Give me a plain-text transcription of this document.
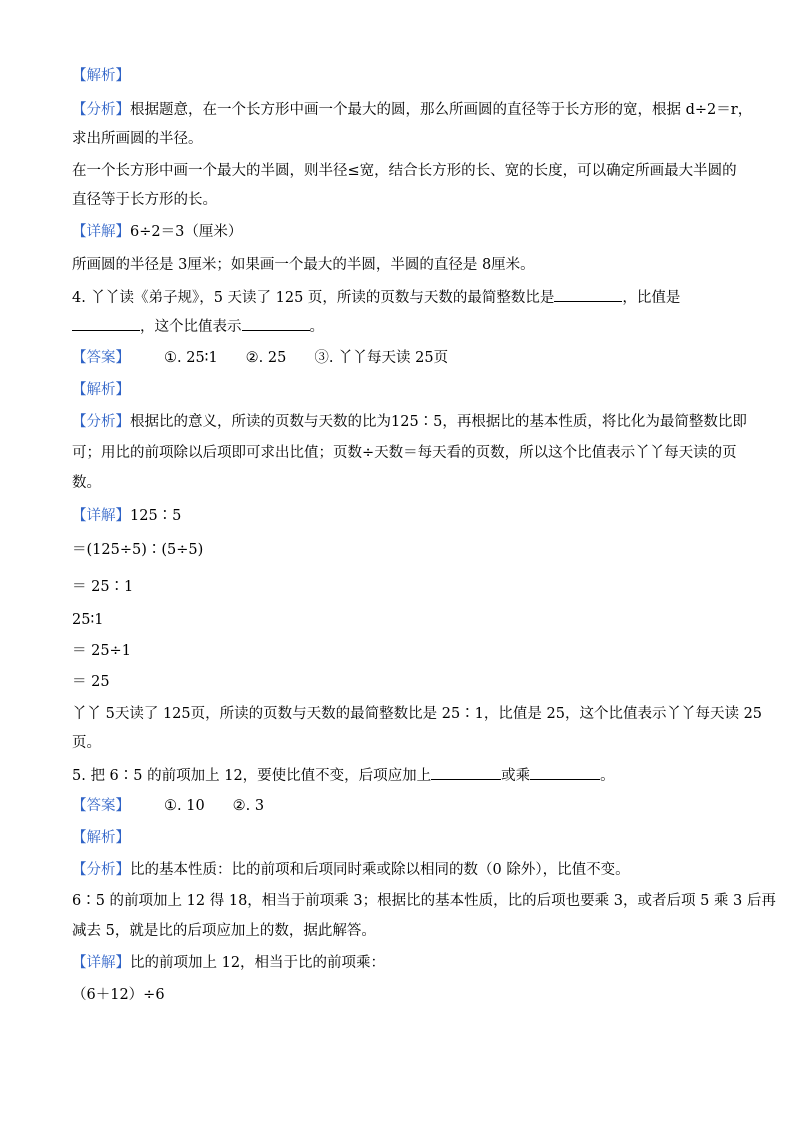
【解析】
【分析】根据题意，在一个长方形中画一个最大的圆，那么所画圆的直径等于长方形的宽，根据 d÷2＝r，
求出所画圆的半径。
在一个长方形中画一个最大的半圆，则半径≤宽，结合长方形的长、宽的长度，可以确定所画最大半圆的
直径等于长方形的长。
【详解】6÷2＝3（厘米）
所画圆的半径是 3厘米；如果画一个最大的半圆，半圆的直径是 8厘米。
4. 丫丫读《弟子规》，5 天读了 125 页，所读的页数与天数的最简整数比是	，比值是
，这个比值表示	。
【答案】 ①. 25∶1 ②. 25 ③. 丫丫每天读 25页
【解析】
【分析】根据比的意义，所读的页数与天数的比为125∶5，再根据比的基本性质，将比化为最简整数比即
可；用比的前项除以后项即可求出比值；页数÷天数＝每天看的页数，所以这个比值表示丫丫每天读的页
数。
【详解】125∶5
＝(125÷5)∶(5÷5)
＝ 25∶1
25∶1
＝ 25÷1
＝ 25
丫丫 5天读了 125页，所读的页数与天数的最简整数比是 25∶1，比值是 25，这个比值表示丫丫每天读 25
页。
5. 把 6∶5 的前项加上 12，要使比值不变，后项应加上	或乘	。
【答案】 ①. 10 ②. 3
【解析】
【分析】比的基本性质：比的前项和后项同时乘或除以相同的数（0 除外），比值不变。
6∶5 的前项加上 12 得 18，相当于前项乘 3；根据比的基本性质，比的后项也要乘 3，或者后项 5 乘 3 后再
减去 5，就是比的后项应加上的数，据此解答。
【详解】比的前项加上 12，相当于比的前项乘：
（6＋12）÷6
